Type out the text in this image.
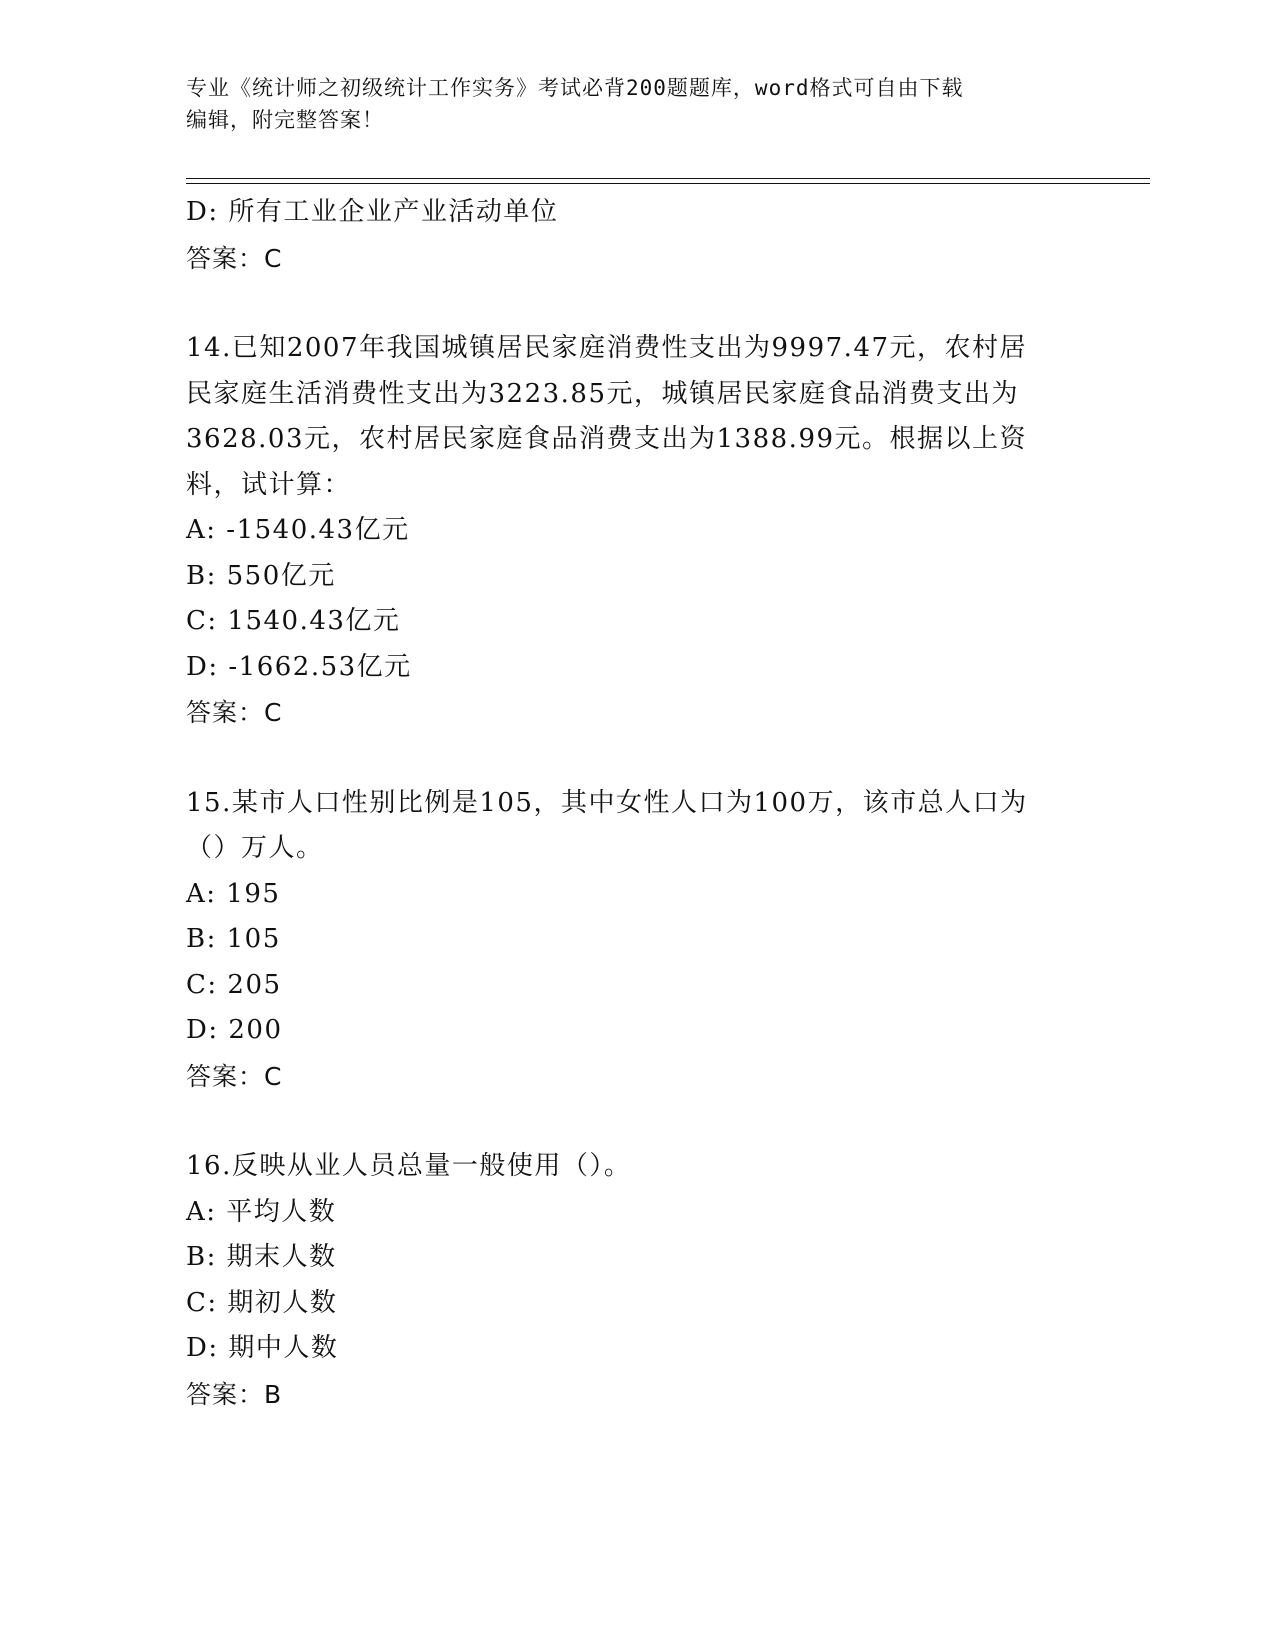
专业《统计师之初级统计工作实务》考试必背200题题库，word格式可自由下载
编辑，附完整答案！
D: 所有工业企业产业活动单位
答案：C
14.已知2007年我国城镇居民家庭消费性支出为9997.47元，农村居
民家庭生活消费性支出为3223.85元，城镇居民家庭食品消费支出为
3628.03元，农村居民家庭食品消费支出为1388.99元。根据以上资
料，试计算：
A: -1540.43亿元
B: 550亿元
C: 1540.43亿元
D: -1662.53亿元
答案：C
15.某市人口性别比例是105，其中女性人口为100万，该市总人口为
（）万人。
A: 195
B: 105
C: 205
D: 200
答案：C
16.反映从业人员总量一般使用（）。
A: 平均人数
B: 期末人数
C: 期初人数
D: 期中人数
答案：B
